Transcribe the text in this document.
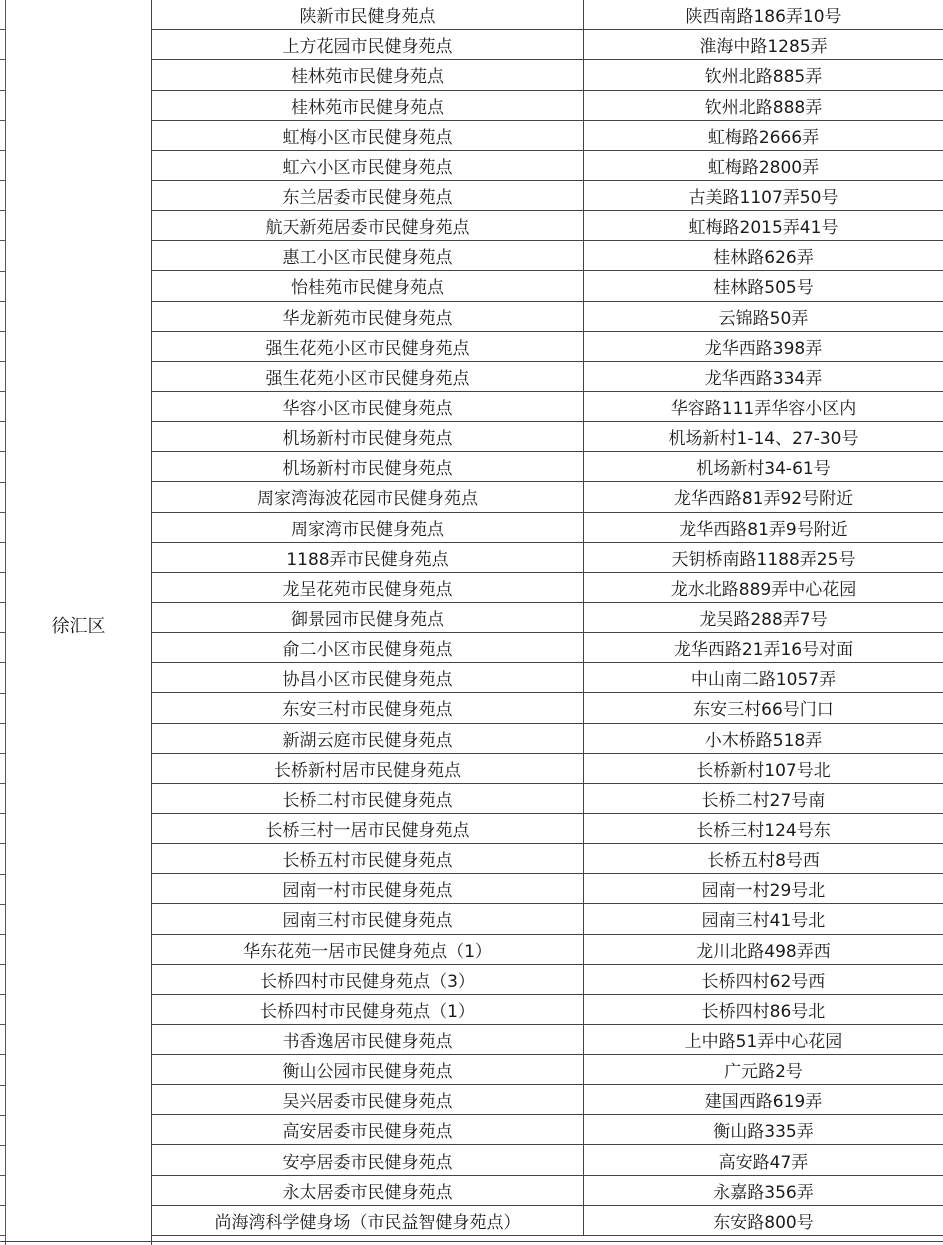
徐汇区
陕新市民健身苑点	陕西南路186弄10号
上方花园市民健身苑点	淮海中路1285弄
桂林苑市民健身苑点	钦州北路885弄
桂林苑市民健身苑点	钦州北路888弄
虹梅小区市民健身苑点	虹梅路2666弄
虹六小区市民健身苑点	虹梅路2800弄
东兰居委市民健身苑点	古美路1107弄50号
航天新苑居委市民健身苑点	虹梅路2015弄41号
惠工小区市民健身苑点	桂林路626弄
怡桂苑市民健身苑点	桂林路505号
华龙新苑市民健身苑点	云锦路50弄
强生花苑小区市民健身苑点	龙华西路398弄
强生花苑小区市民健身苑点	龙华西路334弄
华容小区市民健身苑点	华容路111弄华容小区内
机场新村市民健身苑点	机场新村1-14、27-30号
机场新村市民健身苑点	机场新村34-61号
周家湾海波花园市民健身苑点	龙华西路81弄92号附近
周家湾市民健身苑点	龙华西路81弄9号附近
1188弄市民健身苑点	天钥桥南路1188弄25号
龙呈花苑市民健身苑点	龙水北路889弄中心花园
御景园市民健身苑点	龙吴路288弄7号
俞二小区市民健身苑点	龙华西路21弄16号对面
协昌小区市民健身苑点	中山南二路1057弄
东安三村市民健身苑点	东安三村66号门口
新湖云庭市民健身苑点	小木桥路518弄
长桥新村居市民健身苑点	长桥新村107号北
长桥二村市民健身苑点	长桥二村27号南
长桥三村一居市民健身苑点	长桥三村124号东
长桥五村市民健身苑点	长桥五村8号西
园南一村市民健身苑点	园南一村29号北
园南三村市民健身苑点	园南三村41号北
华东花苑一居市民健身苑点（1）	龙川北路498弄西
长桥四村市民健身苑点（3）	长桥四村62号西
长桥四村市民健身苑点（1）	长桥四村86号北
书香逸居市民健身苑点	上中路51弄中心花园
衡山公园市民健身苑点	广元路2号
吴兴居委市民健身苑点	建国西路619弄
高安居委市民健身苑点	衡山路335弄
安亭居委市民健身苑点	高安路47弄
永太居委市民健身苑点	永嘉路356弄
尚海湾科学健身场（市民益智健身苑点）	东安路800号
